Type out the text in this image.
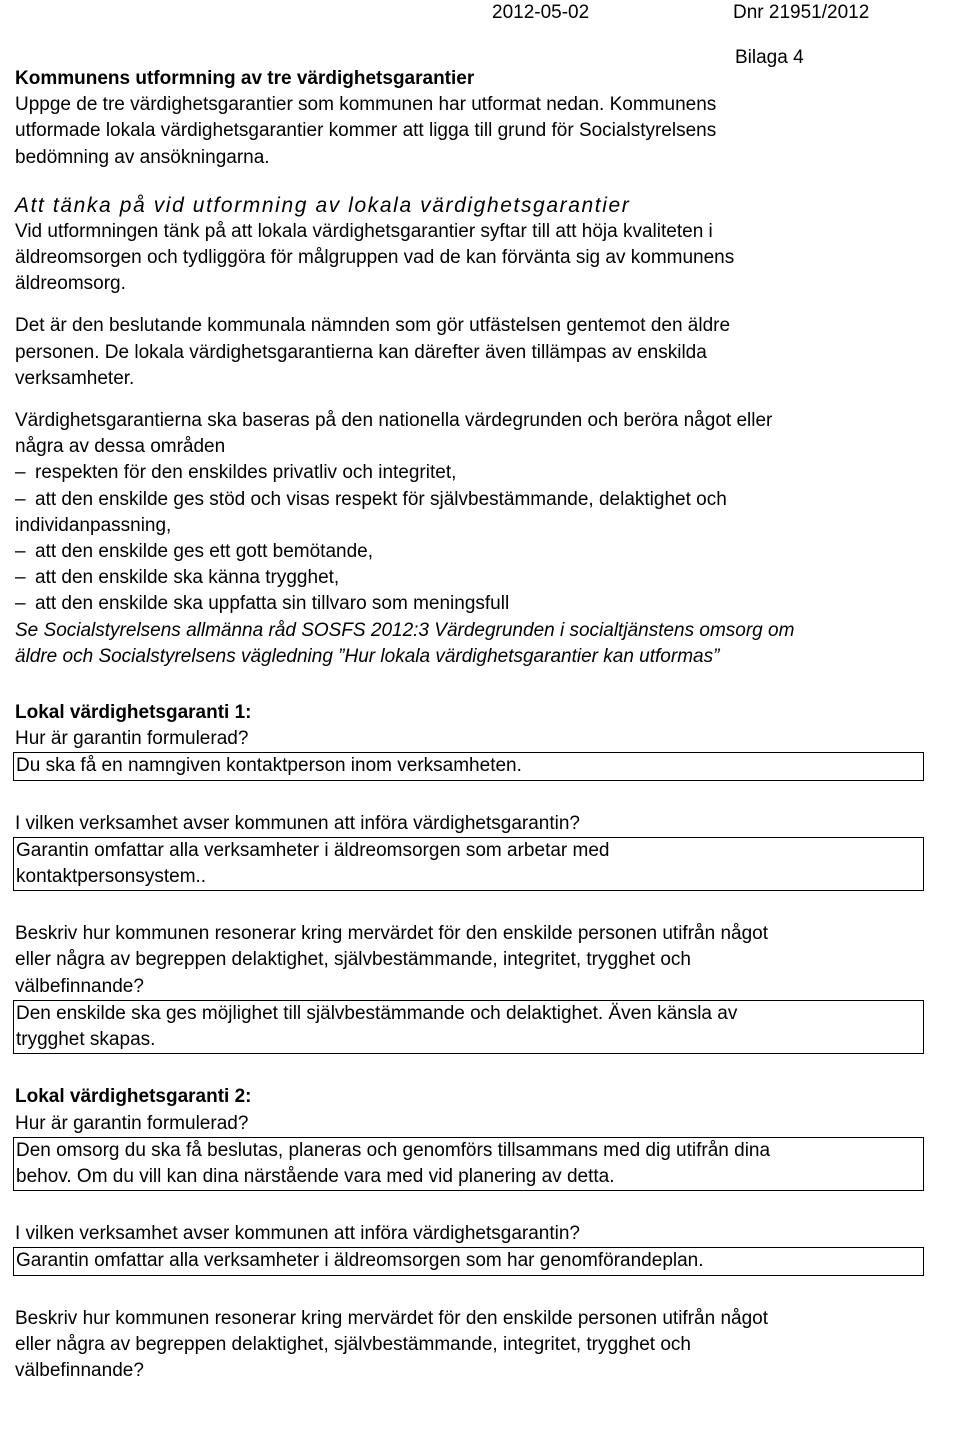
2012-05-02	Dnr 21951/2012
Bilaga 4

Kommunens utformning av tre värdighetsgarantier

Uppge de tre värdighetsgarantier som kommunen har utformat nedan. Kommunens

utformade lokala värdighetsgarantier kommer att ligga till grund för Socialstyrelsens

bedömning av ansökningarna.

Att tänka på vid utformning av lokala värdighetsgarantier

Vid utformningen tänk på att lokala värdighetsgarantier syftar till att höja kvaliteten i

äldreomsorgen och tydliggöra för målgruppen vad de kan förvänta sig av kommunens

äldreomsorg.

Det är den beslutande kommunala nämnden som gör utfästelsen gentemot den äldre

personen. De lokala värdighetsgarantierna kan därefter även tillämpas av enskilda

verksamheter.

Värdighetsgarantierna ska baseras på den nationella värdegrunden och beröra något eller

några av dessa områden

– respekten för den enskildes privatliv och integritet,

– att den enskilde ges stöd och visas respekt för självbestämmande, delaktighet och

individanpassning,

– att den enskilde ges ett gott bemötande,

– att den enskilde ska känna trygghet,

– att den enskilde ska uppfatta sin tillvaro som meningsfull

Se Socialstyrelsens allmänna råd SOSFS 2012:3 Värdegrunden i socialtjänstens omsorg om

äldre och Socialstyrelsens vägledning ”Hur lokala värdighetsgarantier kan utformas”

Lokal värdighetsgaranti 1:

Hur är garantin formulerad?

Du ska få en namngiven kontaktperson inom verksamheten.

I vilken verksamhet avser kommunen att införa värdighetsgarantin?

Garantin omfattar alla verksamheter i äldreomsorgen som arbetar med

kontaktpersonsystem..

Beskriv hur kommunen resonerar kring mervärdet för den enskilde personen utifrån något

eller några av begreppen delaktighet, självbestämmande, integritet, trygghet och

välbefinnande?

Den enskilde ska ges möjlighet till självbestämmande och delaktighet. Även känsla av

trygghet skapas.

Lokal värdighetsgaranti 2:

Hur är garantin formulerad?

Den omsorg du ska få beslutas, planeras och genomförs tillsammans med dig utifrån dina

behov. Om du vill kan dina närstående vara med vid planering av detta.

I vilken verksamhet avser kommunen att införa värdighetsgarantin?

Garantin omfattar alla verksamheter i äldreomsorgen som har genomförandeplan.

Beskriv hur kommunen resonerar kring mervärdet för den enskilde personen utifrån något

eller några av begreppen delaktighet, självbestämmande, integritet, trygghet och

välbefinnande?
